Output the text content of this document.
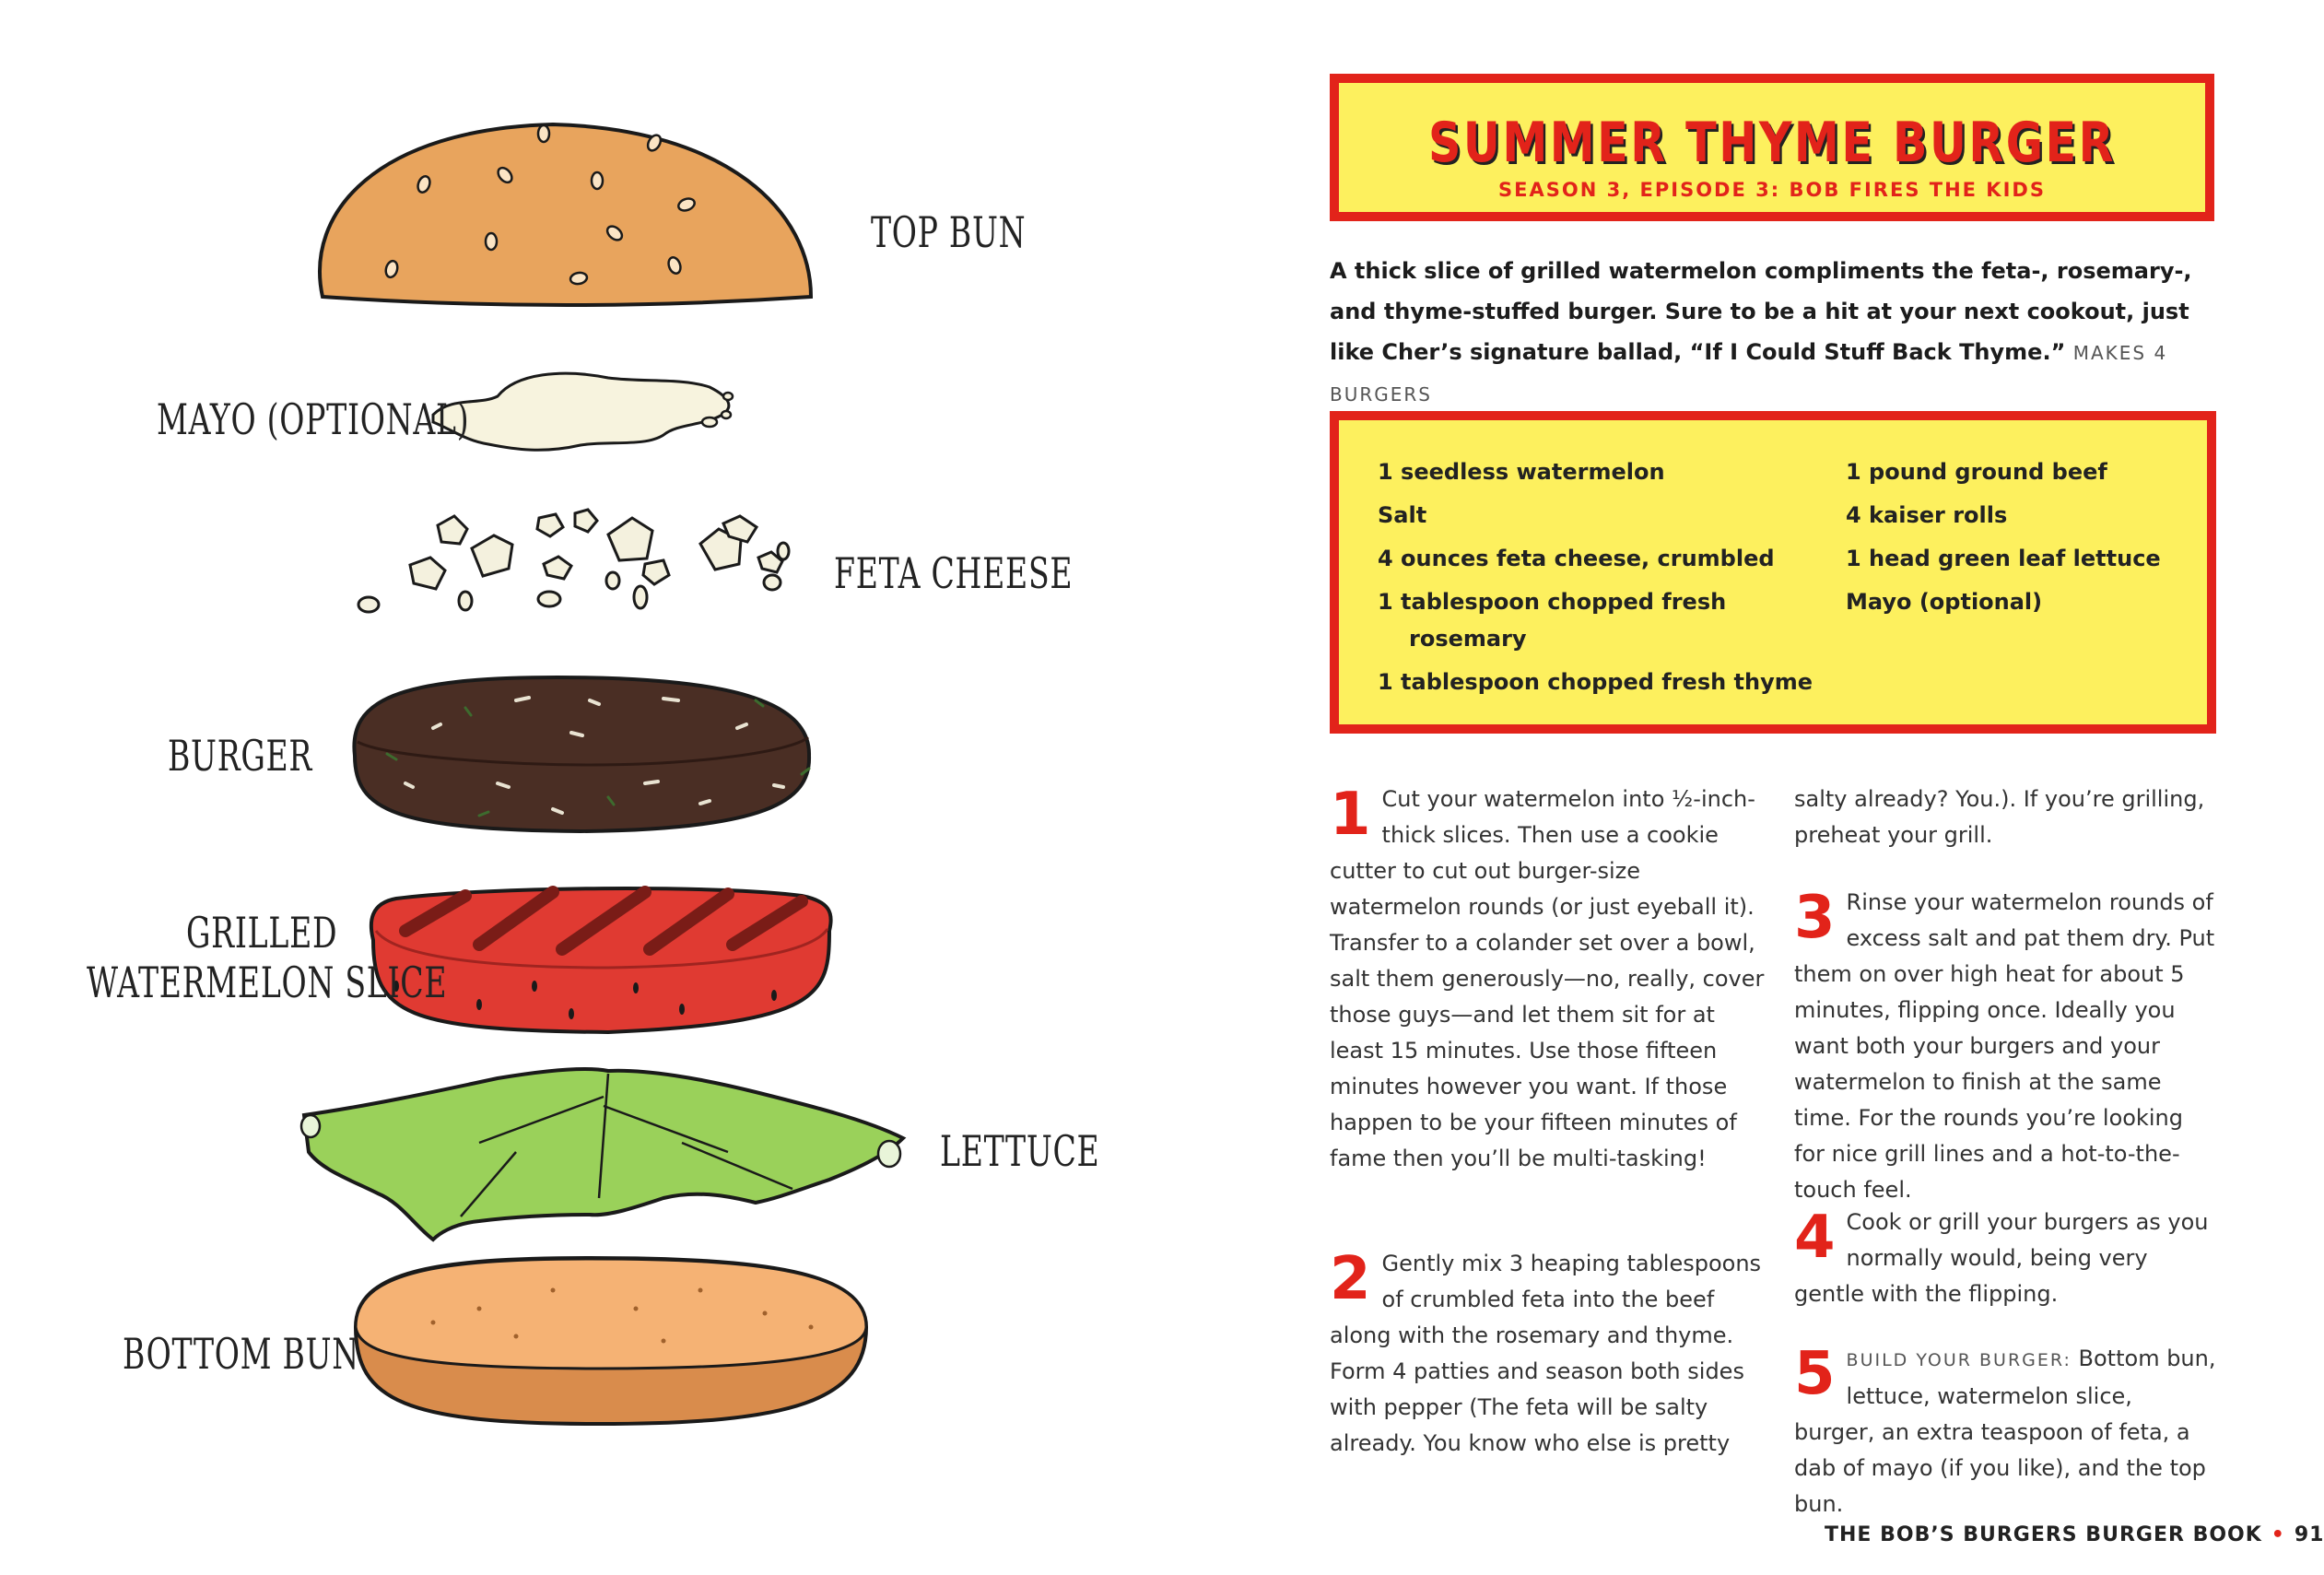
TOP BUN
MAYO (OPTIONAL)
FETA CHEESE
BURGER
GRILLED
WATERMELON SLICE
LETTUCE
BOTTOM BUN
SUMMER THYME BURGER
SEASON 3, EPISODE 3: BOB FIRES THE KIDS
A thick slice of grilled watermelon compliments the feta-, rosemary-, and thyme-stuffed burger. Sure to be a hit at your next cookout, just like Cher’s signature ballad, “If I Could Stuff Back Thyme.” MAKES 4 BURGERS
1 seedless watermelon
Salt
4 ounces feta cheese, crumbled
1 tablespoon chopped fresh rosemary
1 tablespoon chopped fresh thyme
1 pound ground beef
4 kaiser rolls
1 head green leaf lettuce
Mayo (optional)
1 Cut your watermelon into ½-inch-thick slices. Then use a cookie cutter to cut out burger-size watermelon rounds (or just eyeball it). Transfer to a colander set over a bowl, salt them generously—no, really, cover those guys—and let them sit for at least 15 minutes. Use those fifteen minutes however you want. If those happen to be your fifteen minutes of fame then you’ll be multi-tasking!
2 Gently mix 3 heaping tablespoons of crumbled feta into the beef along with the rosemary and thyme. Form 4 patties and season both sides with pepper (The feta will be salty already. You know who else is pretty
salty already? You.). If you’re grilling, preheat your grill.
3 Rinse your watermelon rounds of excess salt and pat them dry. Put them on over high heat for about 5 minutes, flipping once. Ideally you want both your burgers and your watermelon to finish at the same time. For the rounds you’re looking for nice grill lines and a hot-to-the-touch feel.
4 Cook or grill your burgers as you normally would, being very gentle with the flipping.
5 BUILD YOUR BURGER: Bottom bun, lettuce, watermelon slice, burger, an extra teaspoon of feta, a dab of mayo (if you like), and the top bun.
THE BOB’S BURGERS BURGER BOOK • 91
